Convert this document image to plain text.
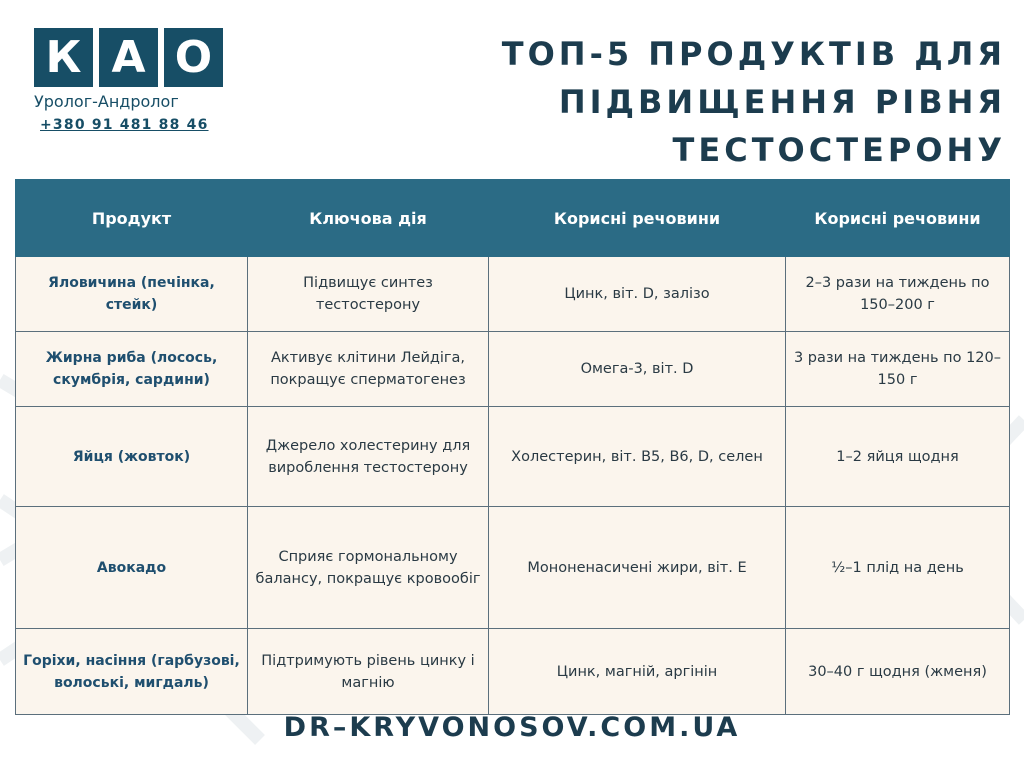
К А О
Уролог-Андролог
+380 91 481 88 46
ТОП-5 ПРОДУКТІВ ДЛЯ
ПІДВИЩЕННЯ РІВНЯ
ТЕСТОСТЕРОНУ
Продукт	Ключова дія	Корисні речовини	Корисні речовини
Яловичина (печінка, стейк)	Підвищує синтез тестостерону	Цинк, віт. D, залізо	2–3 рази на тиждень по 150–200 г
Жирна риба (лосось, скумбрія, сардини)	Активує клітини Лейдіга, покращує сперматогенез	Омега-3, віт. D	3 рази на тиждень по 120–150 г
Яйця (жовток)	Джерело холестерину для вироблення тестостерону	Холестерин, віт. B5, B6, D, селен	1–2 яйця щодня
Авокадо	Сприяє гормональному балансу, покращує кровообіг	Мононенасичені жири, віт. E	½–1 плід на день
Горіхи, насіння (гарбузові, волоські, мигдаль)	Підтримують рівень цинку і магнію	Цинк, магній, аргінін	30–40 г щодня (жменя)
DR–KRYVONOSOV.COM.UA
